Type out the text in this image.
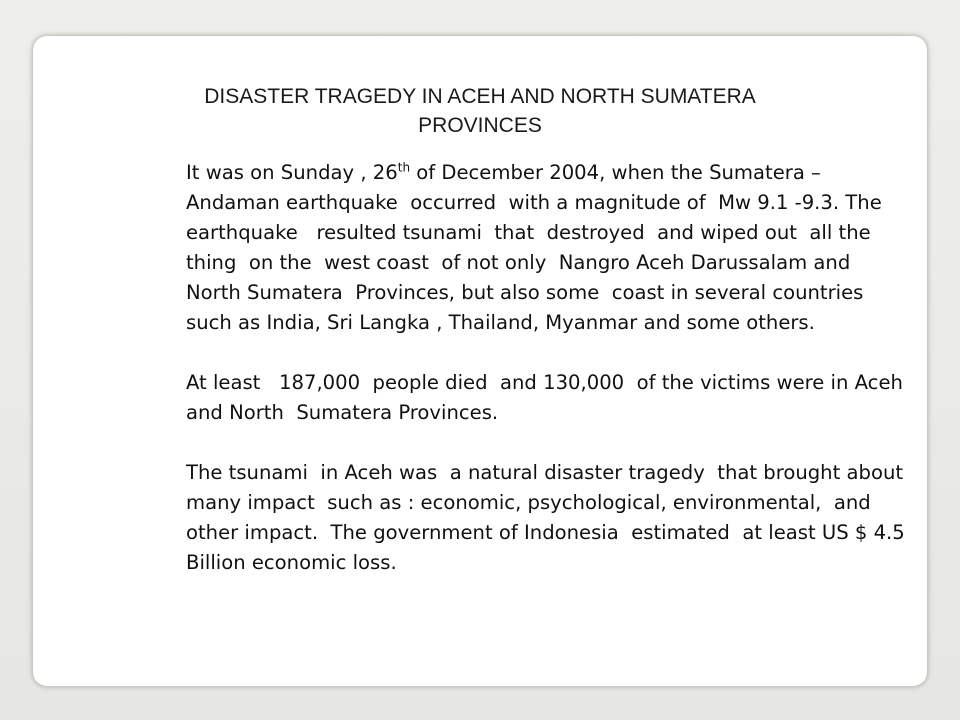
DISASTER TRAGEDY IN ACEH AND NORTH SUMATERA
PROVINCES

It was on Sunday , 26th of December 2004, when the Sumatera –Andaman earthquake  occurred  with a magnitude of  Mw 9.1 -9.3. The earthquake   resulted tsunami  that  destroyed  and wiped out  all the thing  on the  west coast  of not only  Nangro Aceh Darussalam and North Sumatera  Provinces, but also some  coast in several countries such as India, Sri Langka , Thailand, Myanmar and some others.

At least   187,000  people died  and 130,000  of the victims were in Aceh and North  Sumatera Provinces.

The tsunami  in Aceh was  a natural disaster tragedy  that brought about  many impact  such as : economic, psychological, environmental,  and other impact.  The government of Indonesia  estimated  at least US $ 4.5 Billion economic loss.
